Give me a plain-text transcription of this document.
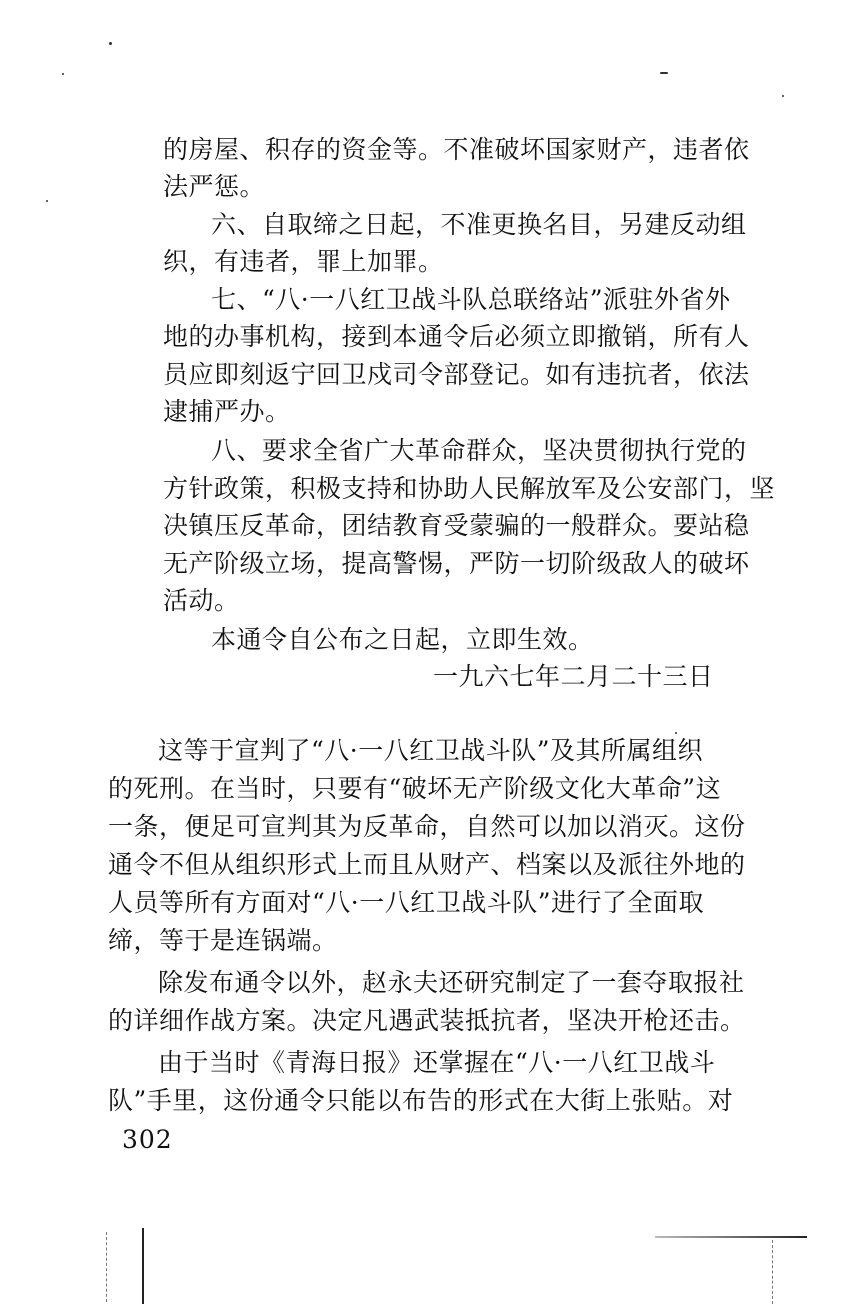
的房屋、积存的资金等。不准破坏国家财产，违者依
法严惩。
六、自取缔之日起，不准更换名目，另建反动组
织，有违者，罪上加罪。
七、“八·一八红卫战斗队总联络站”派驻外省外
地的办事机构，接到本通令后必须立即撤销，所有人
员应即刻返宁回卫戍司令部登记。如有违抗者，依法
逮捕严办。
八、要求全省广大革命群众，坚决贯彻执行党的
方针政策，积极支持和协助人民解放军及公安部门，坚
决镇压反革命，团结教育受蒙骗的一般群众。要站稳
无产阶级立场，提高警惕，严防一切阶级敌人的破坏
活动。
本通令自公布之日起，立即生效。
一九六七年二月二十三日
这等于宣判了“八·一八红卫战斗队”及其所属组织
的死刑。在当时，只要有“破坏无产阶级文化大革命”这
一条，便足可宣判其为反革命，自然可以加以消灭。这份
通令不但从组织形式上而且从财产、档案以及派往外地的
人员等所有方面对“八·一八红卫战斗队”进行了全面取
缔，等于是连锅端。
除发布通令以外，赵永夫还研究制定了一套夺取报社
的详细作战方案。决定凡遇武装抵抗者，坚决开枪还击。
由于当时《青海日报》还掌握在“八·一八红卫战斗
队”手里，这份通令只能以布告的形式在大街上张贴。对
302
